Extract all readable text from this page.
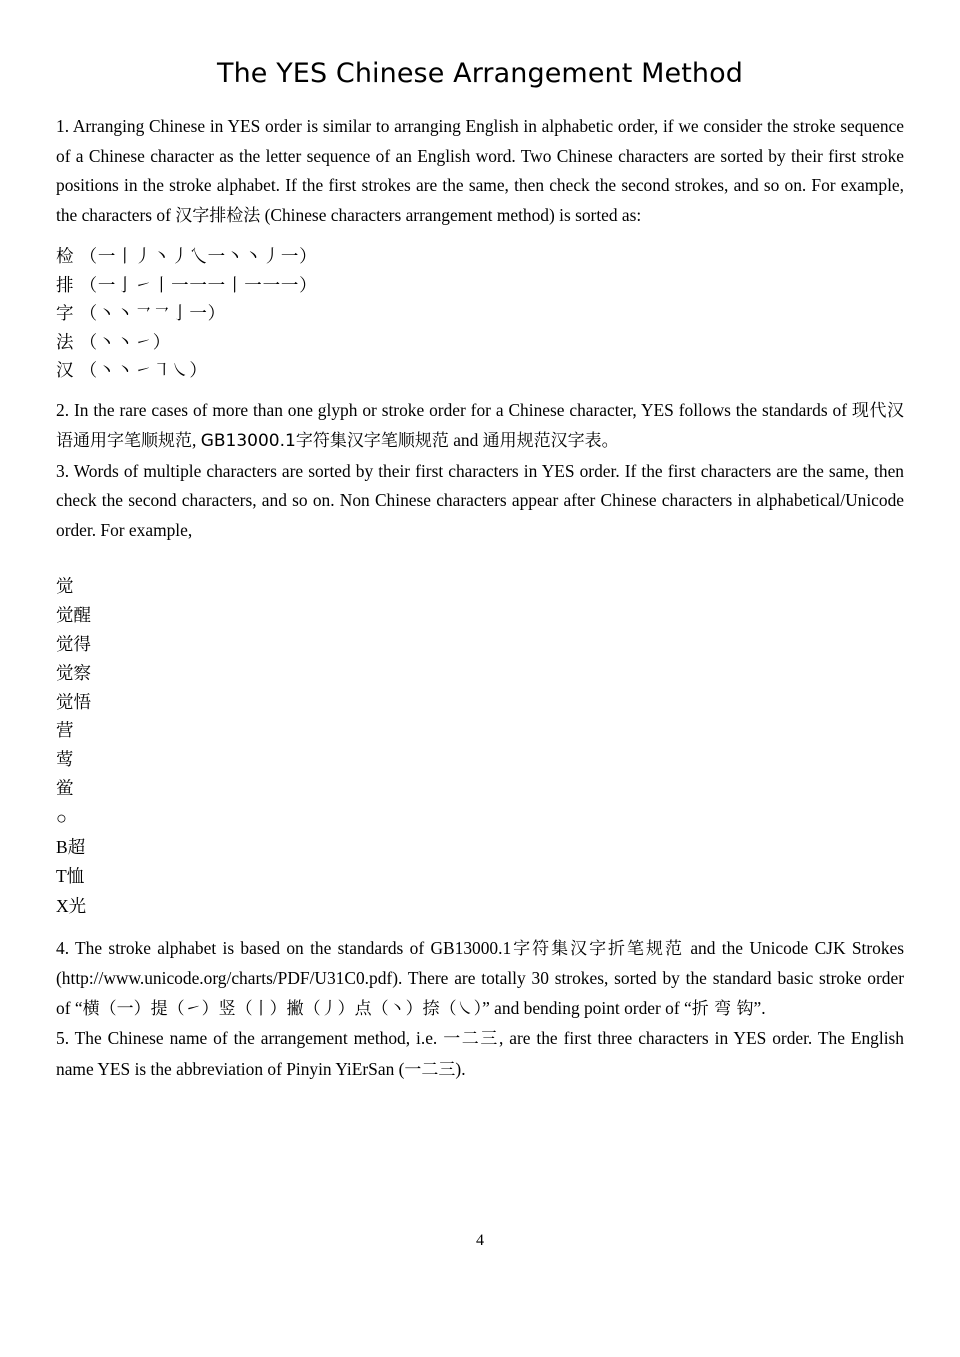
The YES Chinese Arrangement Method

1. Arranging Chinese in YES order is similar to arranging English in alphabetic order, if we consider the stroke sequence of a Chinese character as the letter sequence of an English word. Two Chinese characters are sorted by their first stroke positions in the stroke alphabet. If the first strokes are the same, then check the second strokes, and so on. For example, the characters of 汉字排检法 (Chinese characters arrangement method) is sorted as:

检 （一丨丿丶丿乀一丶丶丿一）
排 （一亅㇀丨一一一丨一一一）
字 （丶丶㇖㇖亅一）
法 （丶丶㇀）
汉 （丶丶㇀㇕㇏）

2. In the rare cases of more than one glyph or stroke order for a Chinese character, YES follows the standards of 现代汉语通用字笔顺规范, GB13000.1字符集汉字笔顺规范 and 通用规范汉字表。

3. Words of multiple characters are sorted by their first characters in YES order. If the first characters are the same, then check the second characters, and so on. Non Chinese characters appear after Chinese characters in alphabetical/Unicode order. For example,

觉
觉醒
觉得
觉察
觉悟
营
莺
鲎
○
B超
T恤
X光

4. The stroke alphabet is based on the standards of GB13000.1字符集汉字折笔规范 and the Unicode CJK Strokes (http://www.unicode.org/charts/PDF/U31C0.pdf). There are totally 30 strokes, sorted by the standard basic stroke order of “横（一）提（㇀）竖（丨）撇（丿）点（丶）捺（㇏）” and bending point order of “折 弯 钩”.

5. The Chinese name of the arrangement method, i.e. 一二三, are the first three characters in YES order. The English name YES is the abbreviation of Pinyin YiErSan (一二三).

4
